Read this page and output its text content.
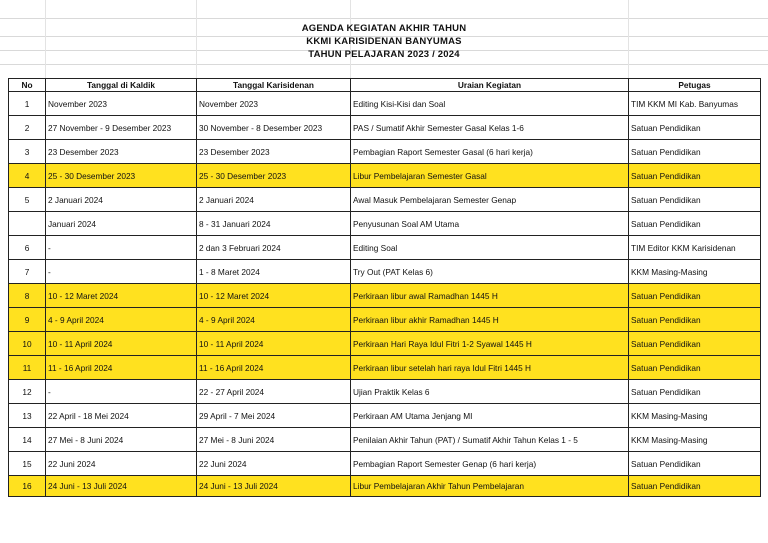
AGENDA KEGIATAN AKHIR TAHUN
KKMI KARISIDENAN BANYUMAS
TAHUN PELAJARAN 2023 / 2024
No	Tanggal di Kaldik	Tanggal Karisidenan	Uraian Kegiatan	Petugas
1	November 2023	November 2023	Editing Kisi-Kisi dan Soal	TIM KKM MI Kab. Banyumas
2	27 November - 9 Desember 2023	30 November - 8 Desember 2023	PAS / Sumatif Akhir Semester Gasal Kelas 1-6	Satuan Pendidikan
3	23 Desember 2023	23 Desember 2023	Pembagian Raport Semester Gasal (6 hari kerja)	Satuan Pendidikan
4	25 - 30 Desember 2023	25 - 30 Desember 2023	Libur Pembelajaran Semester Gasal	Satuan Pendidikan
5	2 Januari 2024	2 Januari 2024	Awal Masuk Pembelajaran Semester Genap	Satuan Pendidikan
	Januari 2024	8 - 31 Januari 2024	Penyusunan Soal AM Utama	Satuan Pendidikan
6	-	2 dan 3 Februari 2024	Editing Soal	TIM Editor KKM Karisidenan
7	-	1 - 8 Maret 2024	Try Out (PAT Kelas 6)	KKM Masing-Masing
8	10 - 12 Maret 2024	10 - 12 Maret 2024	Perkiraan libur awal Ramadhan 1445 H	Satuan Pendidikan
9	4 - 9 April 2024	4 - 9 April 2024	Perkiraan libur akhir Ramadhan 1445 H	Satuan Pendidikan
10	10 - 11 April 2024	10 - 11 April 2024	Perkiraan Hari Raya Idul Fitri 1-2 Syawal 1445 H	Satuan Pendidikan
11	11 - 16 April 2024	11 - 16 April 2024	Perkiraan libur setelah hari raya Idul Fitri 1445 H	Satuan Pendidikan
12	-	22 - 27 April 2024	Ujian Praktik Kelas 6	Satuan Pendidikan
13	22 April - 18 Mei 2024	29 April - 7 Mei 2024	Perkiraan AM Utama Jenjang MI	KKM Masing-Masing
14	27 Mei - 8 Juni 2024	27 Mei - 8 Juni 2024	Penilaian Akhir Tahun (PAT) / Sumatif Akhir Tahun Kelas 1 - 5	KKM Masing-Masing
15	22 Juni 2024	22 Juni 2024	Pembagian Raport Semester Genap (6 hari kerja)	Satuan Pendidikan
16	24 Juni - 13 Juli 2024	24 Juni - 13 Juli 2024	Libur Pembelajaran Akhir Tahun Pembelajaran	Satuan Pendidikan
